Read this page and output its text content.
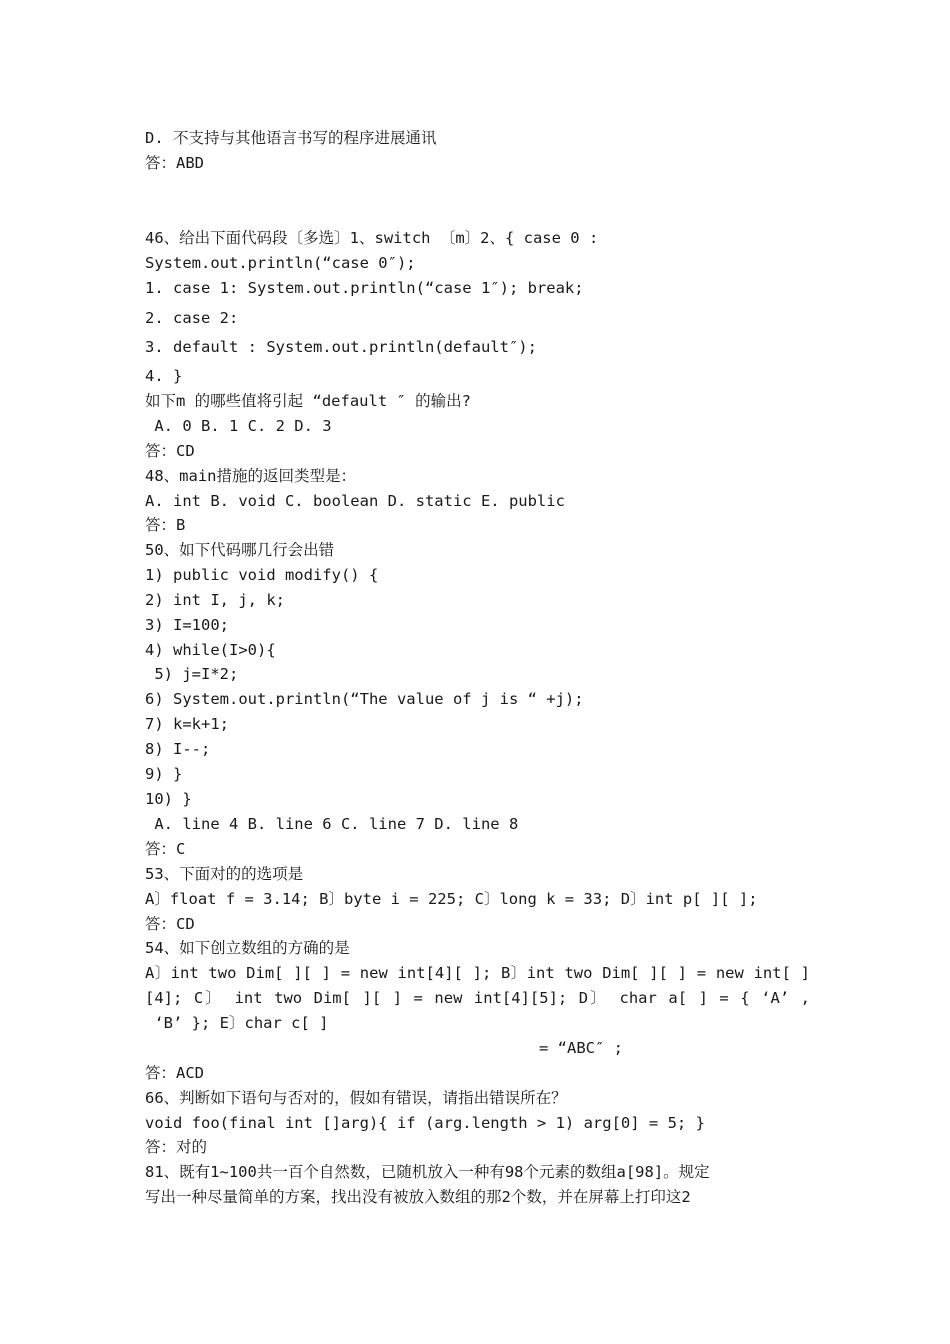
D. 不支持与其他语言书写的程序进展通讯
答：ABD
46、给出下面代码段〔多选〕1、switch 〔m〕2、{ case 0 :
System.out.println(“case 0″);
1. case 1: System.out.println(“case 1″); break;
2. case 2:
3. default : System.out.println(default″);
4. }
如下m 的哪些值将引起 “default ″ 的输出?
A. 0 B. 1 C. 2 D. 3
答：CD
48、main措施的返回类型是：
A. int B. void C. boolean D. static E. public
答：B
50、如下代码哪几行会出错
1) public void modify() {
2) int I, j, k;
3) I=100;
4) while(I>0){
5) j=I*2;
6) System.out.println(“The value of j is “ +j);
7) k=k+1;
8) I--;
9) }
10) }
A. line 4 B. line 6 C. line 7 D. line 8
答：C
53、下面对的的选项是
A〕float f = 3.14; B〕byte i = 225; C〕long k = 33; D〕int p[ ][ ];
答：CD
54、如下创立数组的方确的是
A〕int two Dim[ ][ ] = new int[4][ ]; B〕int two Dim[ ][ ] = new int[ ]
[4]; C〕 int two Dim[ ][ ] = new int[4][5]; D〕 char a[ ] = { ‘A’ ,
‘B’ }; E〕char c[ ]
= “ABC″ ;
答：ACD
66、判断如下语句与否对的，假如有错误，请指出错误所在？
void foo(final int []arg){ if (arg.length > 1) arg[0] = 5; }
答：对的
81、既有1~100共一百个自然数，已随机放入一种有98个元素的数组a[98]。规定
写出一种尽量简单的方案，找出没有被放入数组的那2个数，并在屏幕上打印这2
